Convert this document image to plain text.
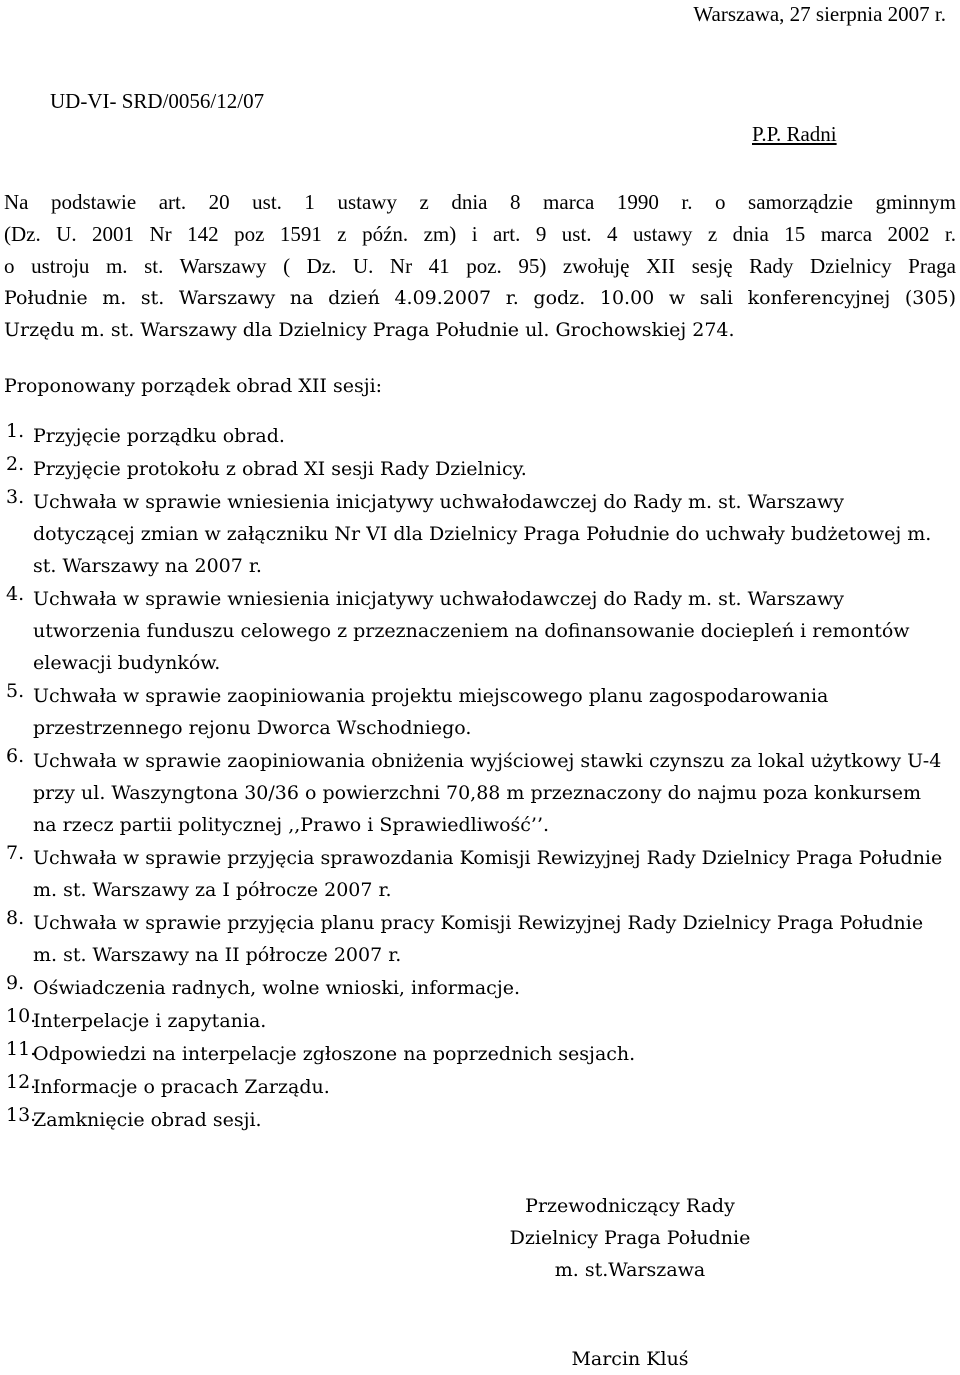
Warszawa, 27 sierpnia 2007 r.
UD-VI- SRD/0056/12/07
P.P. Radni
Na podstawie art. 20 ust. 1 ustawy z dnia 8 marca 1990 r. o samorządzie gminnym
(Dz. U. 2001 Nr 142 poz 1591 z późn. zm) i art. 9 ust. 4 ustawy z dnia 15 marca 2002 r.
o ustroju m. st. Warszawy ( Dz. U. Nr 41 poz. 95) zwołuję XII sesję Rady Dzielnicy Praga
Południe m. st. Warszawy na dzień 4.09.2007 r. godz. 10.00 w sali konferencyjnej (305)
Urzędu m. st. Warszawy dla Dzielnicy Praga Południe ul. Grochowskiej 274.
Proponowany porządek obrad XII sesji:
1. Przyjęcie porządku obrad.
2. Przyjęcie protokołu z obrad XI sesji Rady Dzielnicy.
3. Uchwała w sprawie wniesienia inicjatywy uchwałodawczej do Rady m. st. Warszawy dotyczącej zmian w załączniku Nr VI dla Dzielnicy Praga Południe do uchwały budżetowej m. st. Warszawy na 2007 r.
4. Uchwała w sprawie wniesienia inicjatywy uchwałodawczej do Rady m. st. Warszawy utworzenia funduszu celowego z przeznaczeniem na dofinansowanie dociepleń i remontów elewacji budynków.
5. Uchwała w sprawie zaopiniowania projektu miejscowego planu zagospodarowania przestrzennego rejonu Dworca Wschodniego.
6. Uchwała w sprawie zaopiniowania obniżenia wyjściowej stawki czynszu za lokal użytkowy U-4 przy ul. Waszyngtona 30/36 o powierzchni 70,88 m przeznaczony do najmu poza konkursem na rzecz partii politycznej ,,Prawo i Sprawiedliwość’’.
7. Uchwała w sprawie przyjęcia sprawozdania Komisji Rewizyjnej Rady Dzielnicy Praga Południe m. st. Warszawy za I półrocze 2007 r.
8. Uchwała w sprawie przyjęcia planu pracy Komisji Rewizyjnej Rady Dzielnicy Praga Południe m. st. Warszawy na II półrocze 2007 r.
9. Oświadczenia radnych, wolne wnioski, informacje.
10.
Interpelacje i zapytania.
11.
Odpowiedzi na interpelacje zgłoszone na poprzednich sesjach.
12.
Informacje o pracach Zarządu.
13.
Zamknięcie obrad sesji.
Przewodniczący Rady
Dzielnicy Praga Południe
m. st.Warszawa
Marcin Kluś
